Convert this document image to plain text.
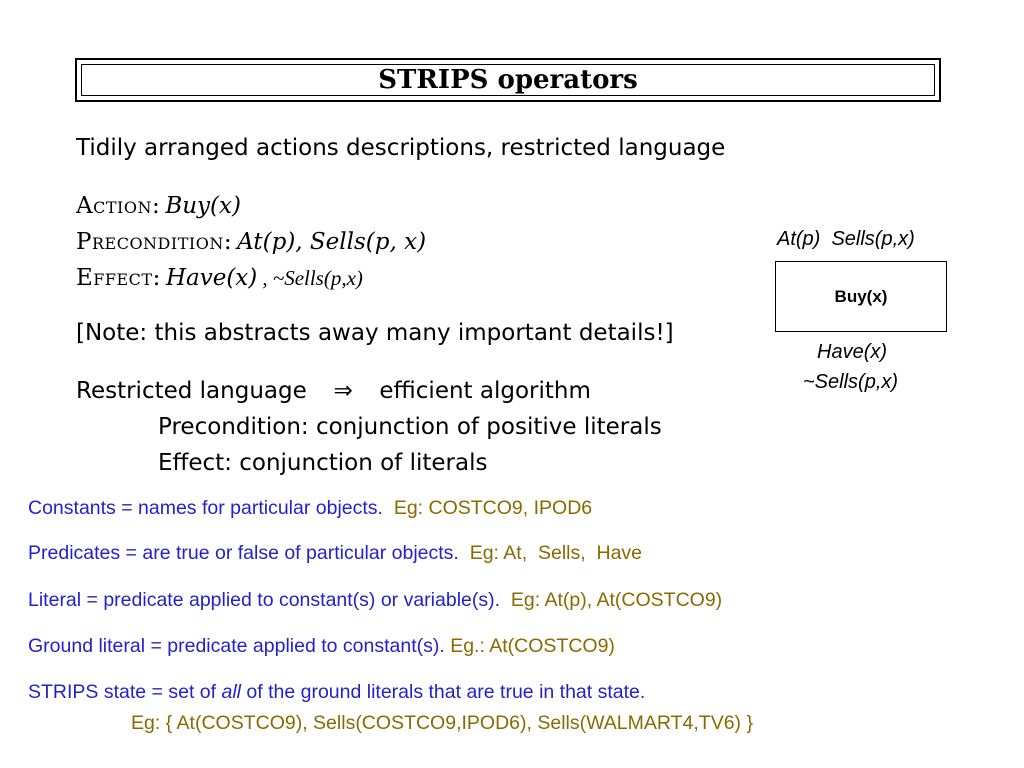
STRIPS operators
Tidily arranged actions descriptions, restricted language
Action: Buy(x)
Precondition: At(p), Sells(p, x)
Effect: Have(x) , ~Sells(p,x)
[Note: this abstracts away many important details!]
Restricted language ⇒ efficient algorithm
Precondition: conjunction of positive literals
Effect: conjunction of literals
At(p)  Sells(p,x)
Buy(x)
Have(x)
~Sells(p,x)
Constants = names for particular objects. Eg: COSTCO9, IPOD6
Predicates = are true or false of particular objects. Eg: At,  Sells,  Have
Literal = predicate applied to constant(s) or variable(s). Eg: At(p), At(COSTCO9)
Ground literal = predicate applied to constant(s). Eg.: At(COSTCO9)
STRIPS state = set of all of the ground literals that are true in that state.
Eg: { At(COSTCO9), Sells(COSTCO9,IPOD6), Sells(WALMART4,TV6) }
